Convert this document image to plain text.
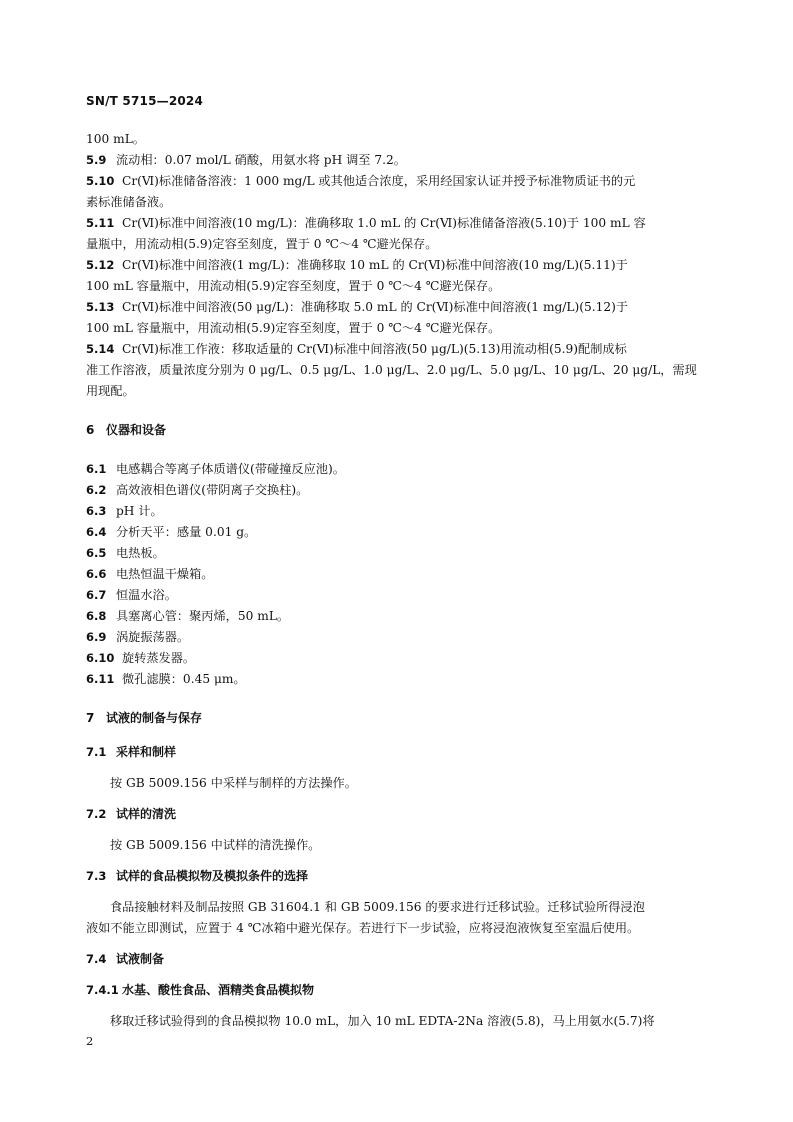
SN/T 5715—2024
100 mL。
5.9 流动相：0.07 mol/L 硝酸，用氨水将 pH 调至 7.2。
5.10 Cr(Ⅵ)标准储备溶液：1 000 mg/L 或其他适合浓度，采用经国家认证并授予标准物质证书的元
素标准储备液。
5.11 Cr(Ⅵ)标准中间溶液(10 mg/L)：准确移取 1.0 mL 的 Cr(Ⅵ)标准储备溶液(5.10)于 100 mL 容
量瓶中，用流动相(5.9)定容至刻度，置于 0 ℃～4 ℃避光保存。
5.12 Cr(Ⅵ)标准中间溶液(1 mg/L)：准确移取 10 mL 的 Cr(Ⅵ)标准中间溶液(10 mg/L)(5.11)于
100 mL 容量瓶中，用流动相(5.9)定容至刻度，置于 0 ℃～4 ℃避光保存。
5.13 Cr(Ⅵ)标准中间溶液(50 μg/L)：准确移取 5.0 mL 的 Cr(Ⅵ)标准中间溶液(1 mg/L)(5.12)于
100 mL 容量瓶中，用流动相(5.9)定容至刻度，置于 0 ℃～4 ℃避光保存。
5.14 Cr(Ⅵ)标准工作液：移取适量的 Cr(Ⅵ)标准中间溶液(50 μg/L)(5.13)用流动相(5.9)配制成标
准工作溶液，质量浓度分别为 0 μg/L、0.5 μg/L、1.0 μg/L、2.0 μg/L、5.0 μg/L、10 μg/L、20 μg/L，需现
用现配。
6 仪器和设备
6.1 电感耦合等离子体质谱仪(带碰撞反应池)。
6.2 高效液相色谱仪(带阴离子交换柱)。
6.3 pH 计。
6.4 分析天平：感量 0.01 g。
6.5 电热板。
6.6 电热恒温干燥箱。
6.7 恒温水浴。
6.8 具塞离心管：聚丙烯，50 mL。
6.9 涡旋振荡器。
6.10 旋转蒸发器。
6.11 微孔滤膜：0.45 μm。
7 试液的制备与保存
7.1 采样和制样
按 GB 5009.156 中采样与制样的方法操作。
7.2 试样的清洗
按 GB 5009.156 中试样的清洗操作。
7.3 试样的食品模拟物及模拟条件的选择
食品接触材料及制品按照 GB 31604.1 和 GB 5009.156 的要求进行迁移试验。迁移试验所得浸泡
液如不能立即测试，应置于 4 ℃冰箱中避光保存。若进行下一步试验，应将浸泡液恢复至室温后使用。
7.4 试液制备
7.4.1 水基、酸性食品、酒精类食品模拟物
移取迁移试验得到的食品模拟物 10.0 mL，加入 10 mL EDTA-2Na 溶液(5.8)，马上用氨水(5.7)将
2
